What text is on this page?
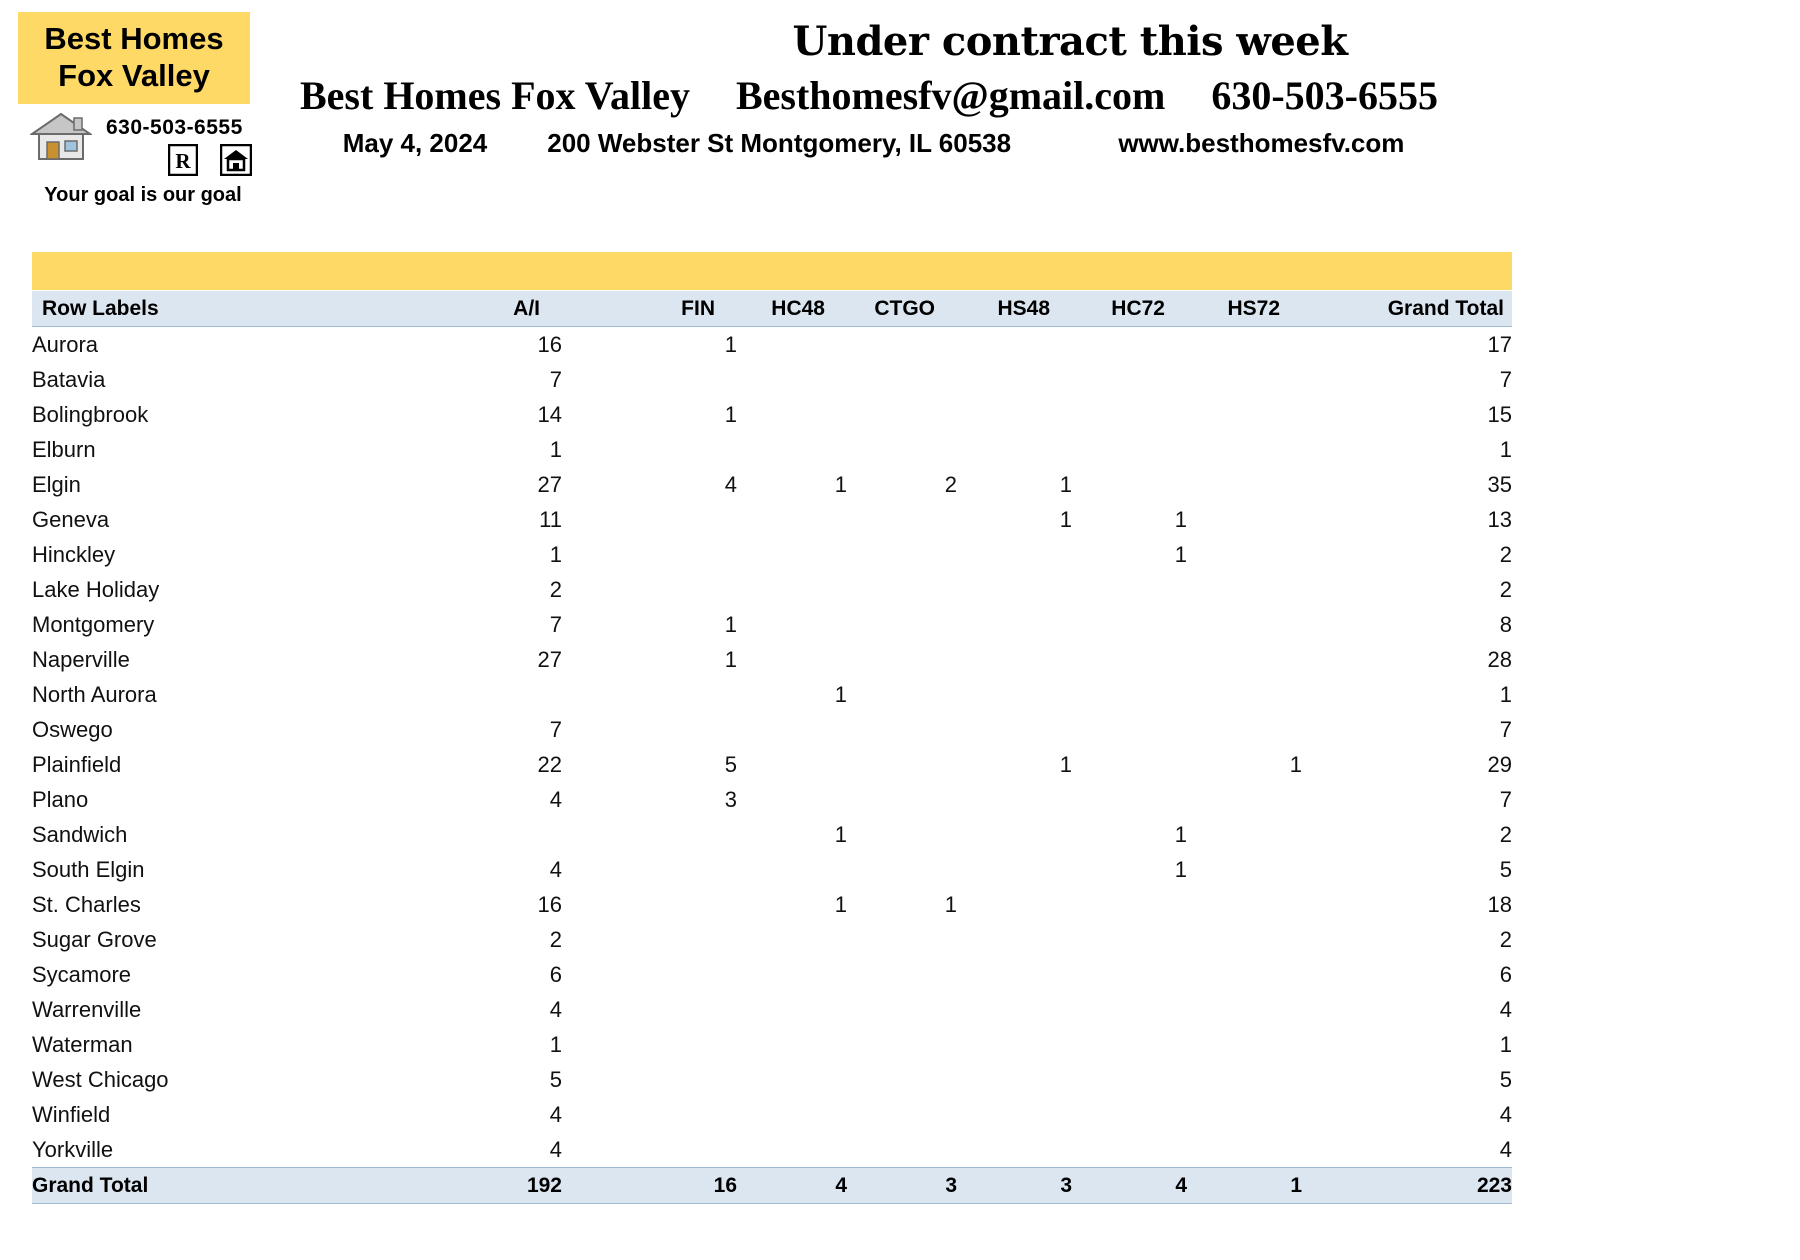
Best Homes
Fox Valley
630-503-6555
R
Your goal is our goal
Under contract this week
Best Homes Fox Valley Besthomesfv@gmail.com 630-503-6555
May 4, 2024 200 Webster St Montgomery, IL 60538	www.besthomesfv.com
Row Labels	A/I	FIN	HC48	CTGO	HS48	HC72	HS72	Grand Total
Aurora	16	1						17
Batavia	7							7
Bolingbrook	14	1						15
Elburn	1							1
Elgin	27	4	1	2	1			35
Geneva	11				1	1		13
Hinckley	1					1		2
Lake Holiday	2							2
Montgomery	7	1						8
Naperville	27	1						28
North Aurora			1					1
Oswego	7							7
Plainfield	22	5			1		1	29
Plano	4	3						7
Sandwich			1			1		2
South Elgin	4					1		5
St. Charles	16		1	1				18
Sugar Grove	2							2
Sycamore	6							6
Warrenville	4							4
Waterman	1							1
West Chicago	5							5
Winfield	4							4
Yorkville	4							4
Grand Total	192	16	4	3	3	4	1	223
